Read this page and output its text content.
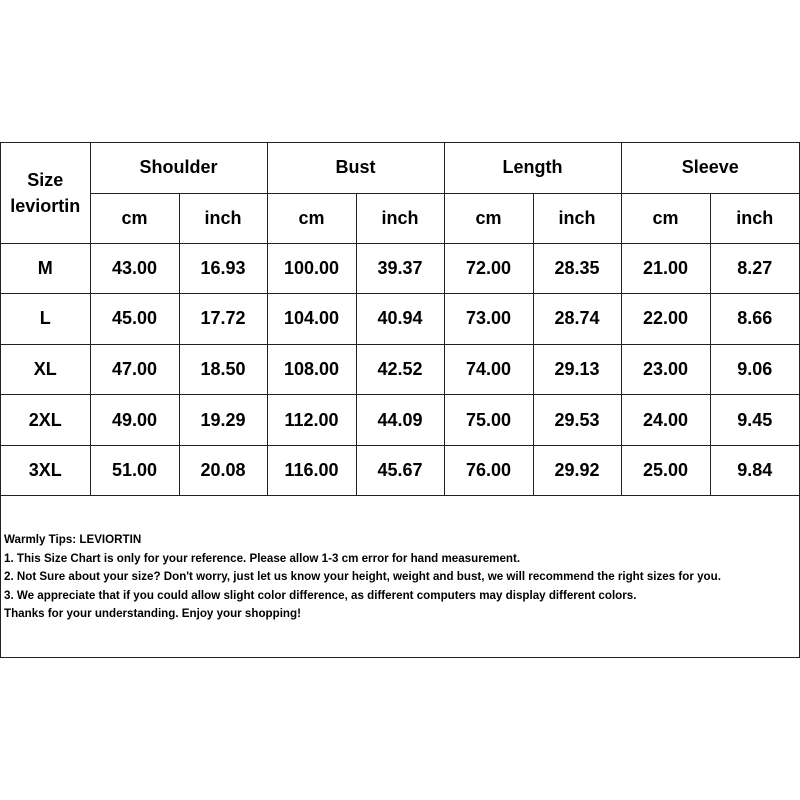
Size
leviortin	Shoulder		Bust		Length		Sleeve	
	cm	inch	cm	inch	cm	inch	cm	inch
M	43.00	16.93	100.00	39.37	72.00	28.35	21.00	8.27
L	45.00	17.72	104.00	40.94	73.00	28.74	22.00	8.66
XL	47.00	18.50	108.00	42.52	74.00	29.13	23.00	9.06
2XL	49.00	19.29	112.00	44.09	75.00	29.53	24.00	9.45
3XL	51.00	20.08	116.00	45.67	76.00	29.92	25.00	9.84
Warmly Tips: LEVIORTIN
1. This Size Chart is only for your reference. Please allow 1-3 cm error for hand measurement.
2. Not Sure about your size? Don't worry, just let us know your height, weight and bust, we will recommend the right sizes for you.
3. We appreciate that if you could allow slight color difference, as different computers may display different colors.
Thanks for your understanding. Enjoy your shopping!
